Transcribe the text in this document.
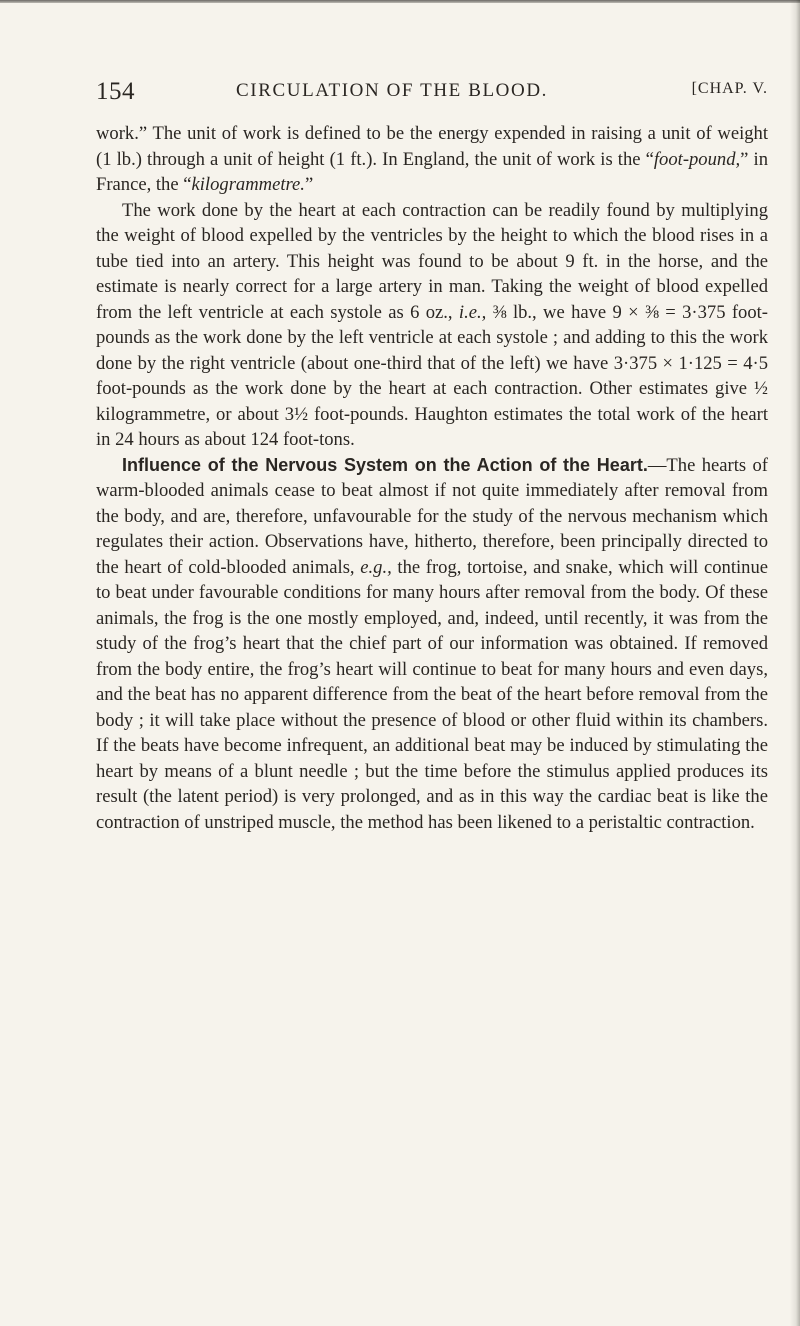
154	CIRCULATION OF THE BLOOD.	[CHAP. V.

work.” The unit of work is defined to be the energy expended in raising a unit of weight (1 lb.) through a unit of height (1 ft.). In England, the unit of work is the “foot-pound,” in France, the “kilogrammetre.”

The work done by the heart at each contraction can be readily found by multiplying the weight of blood expelled by the ventricles by the height to which the blood rises in a tube tied into an artery. This height was found to be about 9 ft. in the horse, and the estimate is nearly correct for a large artery in man. Taking the weight of blood expelled from the left ventricle at each systole as 6 oz., i.e., ⅜ lb., we have 9 × ⅜ = 3·375 foot-pounds as the work done by the left ventricle at each systole ; and adding to this the work done by the right ventricle (about one-third that of the left) we have 3·375 × 1·125 = 4·5 foot-pounds as the work done by the heart at each contraction. Other estimates give ½ kilogrammetre, or about 3½ foot-pounds. Haughton estimates the total work of the heart in 24 hours as about 124 foot-tons.

Influence of the Nervous System on the Action of the Heart.—The hearts of warm-blooded animals cease to beat almost if not quite immediately after removal from the body, and are, therefore, unfavourable for the study of the nervous mechanism which regulates their action. Observations have, hitherto, therefore, been principally directed to the heart of cold-blooded animals, e.g., the frog, tortoise, and snake, which will continue to beat under favourable conditions for many hours after removal from the body. Of these animals, the frog is the one mostly employed, and, indeed, until recently, it was from the study of the frog’s heart that the chief part of our information was obtained. If removed from the body entire, the frog’s heart will continue to beat for many hours and even days, and the beat has no apparent difference from the beat of the heart before removal from the body ; it will take place without the presence of blood or other fluid within its chambers. If the beats have become infrequent, an additional beat may be induced by stimulating the heart by means of a blunt needle ; but the time before the stimulus applied produces its result (the latent period) is very prolonged, and as in this way the cardiac beat is like the contraction of unstriped muscle, the method has been likened to a peristaltic contraction.
